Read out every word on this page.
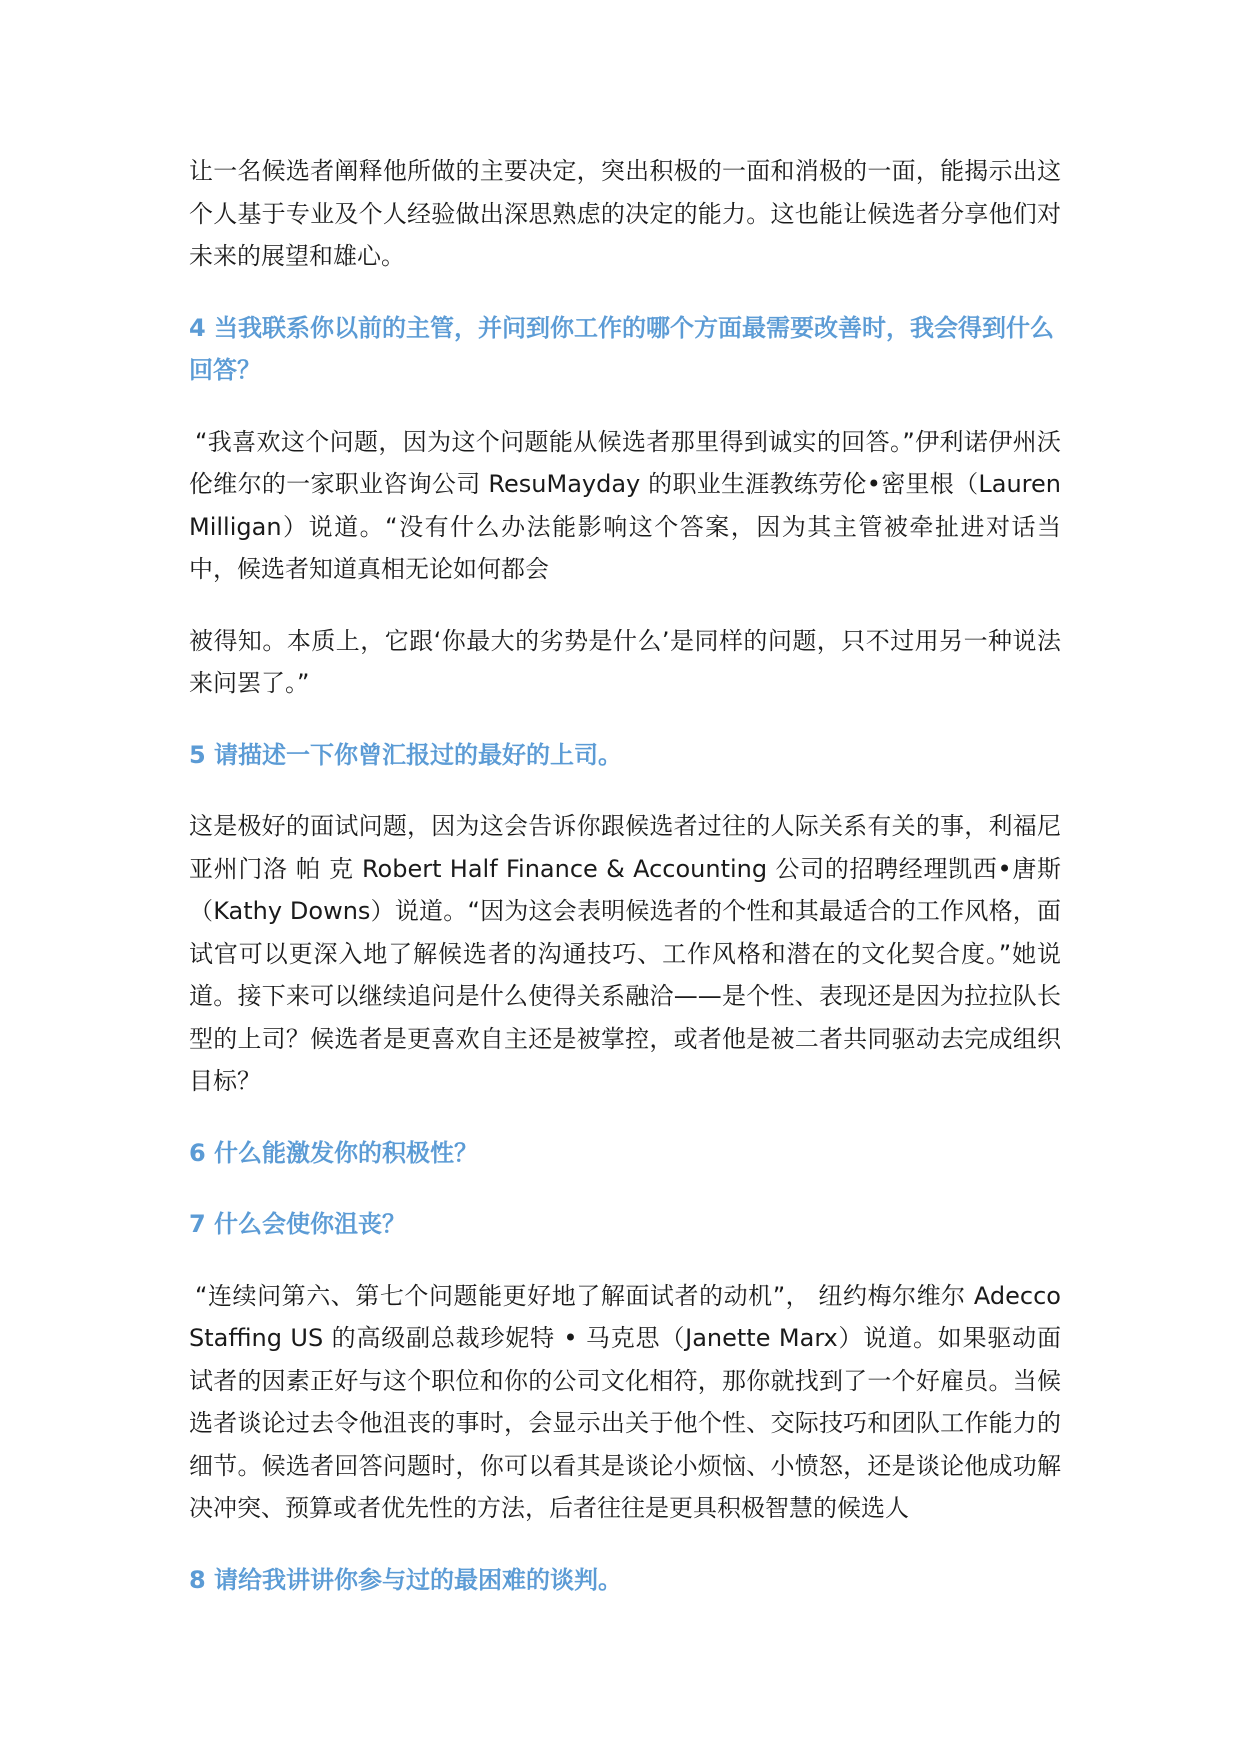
让一名候选者阐释他所做的主要决定，突出积极的一面和消极的一面，能揭示出这个人基于专业及个人经验做出深思熟虑的决定的能力。这也能让候选者分享他们对未来的展望和雄心。

4 当我联系你以前的主管，并问到你工作的哪个方面最需要改善时，我会得到什么回答？

“我喜欢这个问题，因为这个问题能从候选者那里得到诚实的回答。”伊利诺伊州沃伦维尔的一家职业咨询公司 ResuMayday 的职业生涯教练劳伦•密里根（Lauren Milligan）说道。“没有什么办法能影响这个答案，因为其主管被牵扯进对话当中，候选者知道真相无论如何都会

被得知。本质上，它跟‘你最大的劣势是什么’是同样的问题，只不过用另一种说法来问罢了。”

5 请描述一下你曾汇报过的最好的上司。

这是极好的面试问题，因为这会告诉你跟候选者过往的人际关系有关的事，利福尼亚州门洛 帕 克 Robert Half Finance & Accounting 公司的招聘经理凯西•唐斯（Kathy Downs）说道。“因为这会表明候选者的个性和其最适合的工作风格，面试官可以更深入地了解候选者的沟通技巧、工作风格和潜在的文化契合度。”她说道。接下来可以继续追问是什么使得关系融洽——是个性、表现还是因为拉拉队长型的上司？候选者是更喜欢自主还是被掌控，或者他是被二者共同驱动去完成组织目标？

6 什么能激发你的积极性？
7 什么会使你沮丧？

“连续问第六、第七个问题能更好地了解面试者的动机”， 纽约梅尔维尔 Adecco Staffing US 的高级副总裁珍妮特 • 马克思（Janette Marx）说道。如果驱动面试者的因素正好与这个职位和你的公司文化相符，那你就找到了一个好雇员。当候选者谈论过去令他沮丧的事时，会显示出关于他个性、交际技巧和团队工作能力的细节。候选者回答问题时，你可以看其是谈论小烦恼、小愤怒，还是谈论他成功解决冲突、预算或者优先性的方法，后者往往是更具积极智慧的候选人

8 请给我讲讲你参与过的最困难的谈判。
